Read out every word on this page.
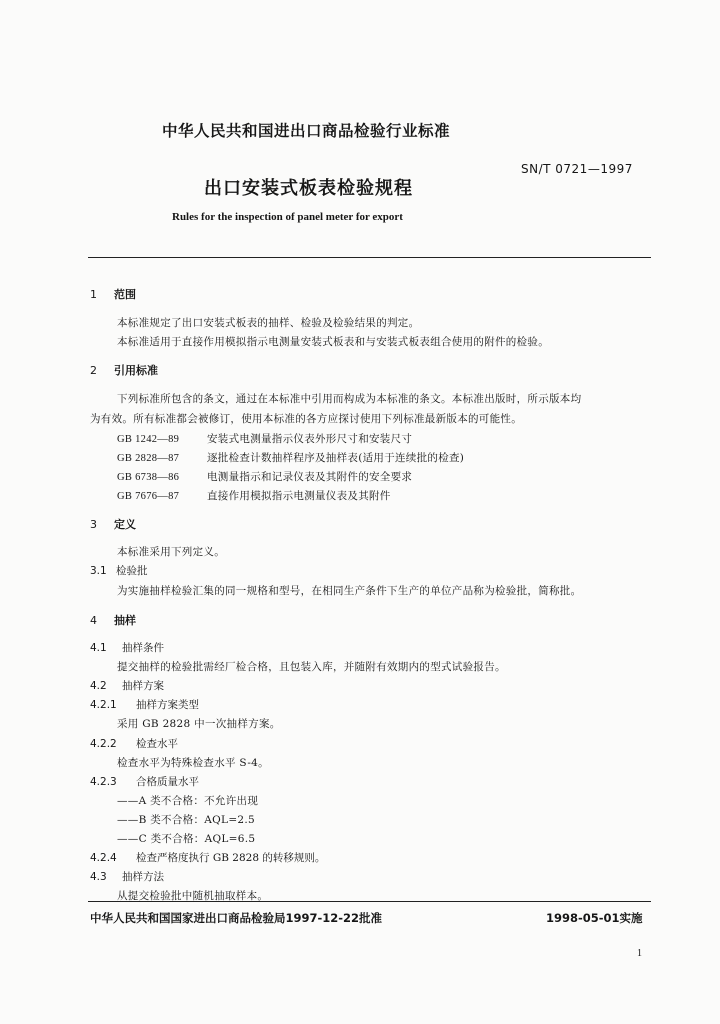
中华人民共和国进出口商品检验行业标准
SN/T 0721—1997
出口安装式板表检验规程
Rules for the inspection of panel meter for export
1 范围
本标准规定了出口安装式板表的抽样、检验及检验结果的判定。
本标准适用于直接作用模拟指示电测量安装式板表和与安装式板表组合使用的附件的检验。
2 引用标准
下列标准所包含的条文，通过在本标准中引用而构成为本标准的条文。本标准出版时，所示版本均
为有效。所有标准都会被修订，使用本标准的各方应探讨使用下列标准最新版本的可能性。
GB 1242—89	安装式电测量指示仪表外形尺寸和安装尺寸
GB 2828—87	逐批检查计数抽样程序及抽样表(适用于连续批的检查)
GB 6738—86	电测量指示和记录仪表及其附件的安全要求
GB 7676—87	直接作用模拟指示电测量仪表及其附件
3 定义
本标准采用下列定义。
3.1 检验批
为实施抽样检验汇集的同一规格和型号，在相同生产条件下生产的单位产品称为检验批，简称批。
4 抽样
4.1 抽样条件
提交抽样的检验批需经厂检合格，且包装入库，并随附有效期内的型式试验报告。
4.2 抽样方案
4.2.1 抽样方案类型
采用 GB 2828 中一次抽样方案。
4.2.2 检查水平
检查水平为特殊检查水平 S-4。
4.2.3 合格质量水平
——A 类不合格：不允许出现
——B 类不合格：AQL=2.5
——C 类不合格：AQL=6.5
4.2.4 检查严格度执行 GB 2828 的转移规则。
4.3 抽样方法
从提交检验批中随机抽取样本。
中华人民共和国国家进出口商品检验局1997-12-22批准	1998-05-01实施
1
